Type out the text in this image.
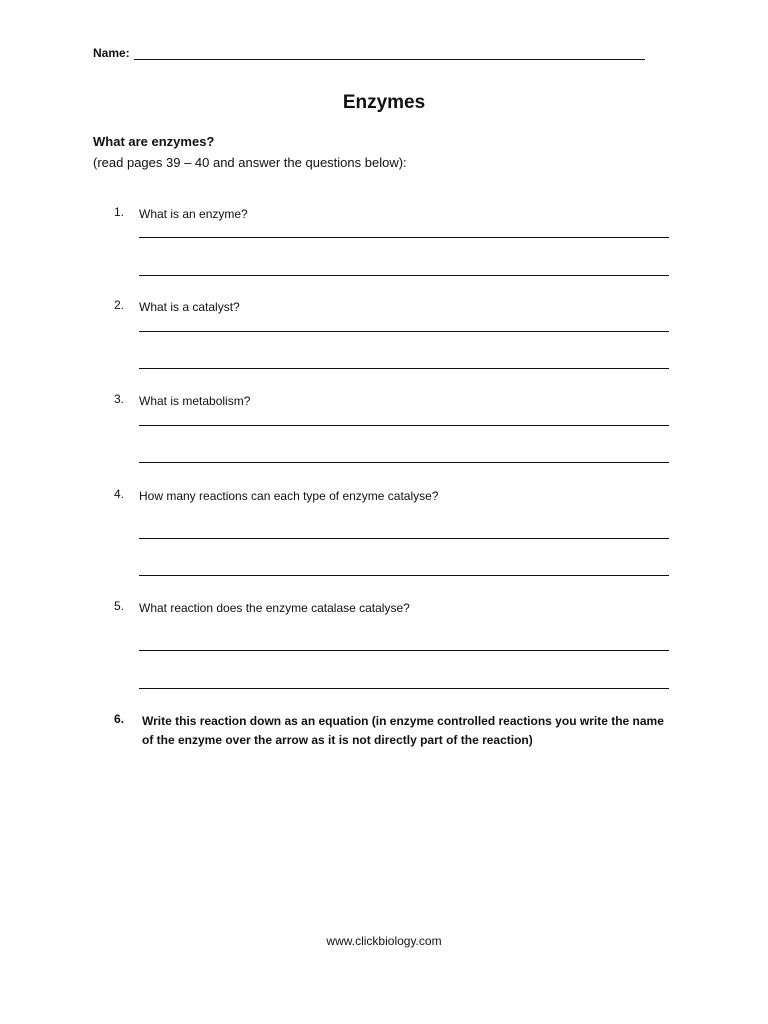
Name:
Enzymes
What are enzymes?
(read pages 39 – 40 and answer the questions below):
1.	What is an enzyme?
2.	What is a catalyst?
3.	What is metabolism?
4.	How many reactions can each type of enzyme catalyse?
5.	What reaction does the enzyme catalase catalyse?
6.	Write this reaction down as an equation (in enzyme controlled reactions you write the name of the enzyme over the arrow as it is not directly part of the reaction)
www.clickbiology.com
